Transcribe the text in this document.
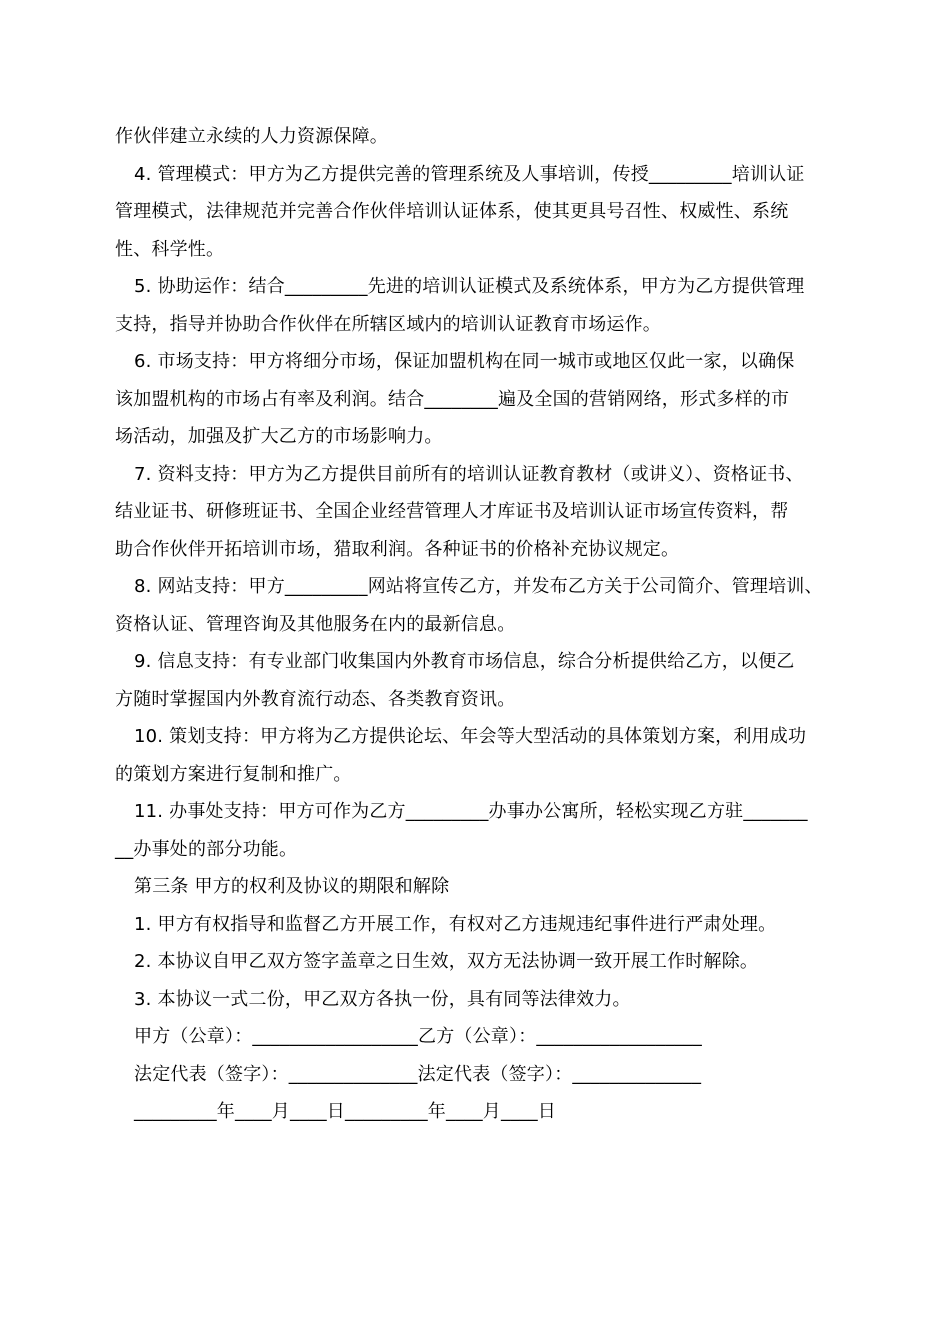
作伙伴建立永续的人力资源保障。
4. 管理模式：甲方为乙方提供完善的管理系统及人事培训，传授_________培训认证
管理模式，法律规范并完善合作伙伴培训认证体系，使其更具号召性、权威性、系统
性、科学性。
5. 协助运作：结合_________先进的培训认证模式及系统体系，甲方为乙方提供管理
支持，指导并协助合作伙伴在所辖区域内的培训认证教育市场运作。
6. 市场支持：甲方将细分市场，保证加盟机构在同一城市或地区仅此一家，以确保
该加盟机构的市场占有率及利润。结合________遍及全国的营销网络，形式多样的市
场活动，加强及扩大乙方的市场影响力。
7. 资料支持：甲方为乙方提供目前所有的培训认证教育教材（或讲义）、资格证书、
结业证书、研修班证书、全国企业经营管理人才库证书及培训认证市场宣传资料，帮
助合作伙伴开拓培训市场，猎取利润。各种证书的价格补充协议规定。
8. 网站支持：甲方_________网站将宣传乙方，并发布乙方关于公司简介、管理培训、
资格认证、管理咨询及其他服务在内的最新信息。
9. 信息支持：有专业部门收集国内外教育市场信息，综合分析提供给乙方，以便乙
方随时掌握国内外教育流行动态、各类教育资讯。
10. 策划支持：甲方将为乙方提供论坛、年会等大型活动的具体策划方案，利用成功
的策划方案进行复制和推广。
11. 办事处支持：甲方可作为乙方_________办事办公寓所，轻松实现乙方驻_______
__办事处的部分功能。
第三条 甲方的权利及协议的期限和解除
1. 甲方有权指导和监督乙方开展工作，有权对乙方违规违纪事件进行严肃处理。
2. 本协议自甲乙双方签字盖章之日生效，双方无法协调一致开展工作时解除。
3. 本协议一式二份，甲乙双方各执一份，具有同等法律效力。
甲方（公章）：__________________乙方（公章）：__________________
法定代表（签字）：______________法定代表（签字）：______________
_________年____月____日_________年____月____日
